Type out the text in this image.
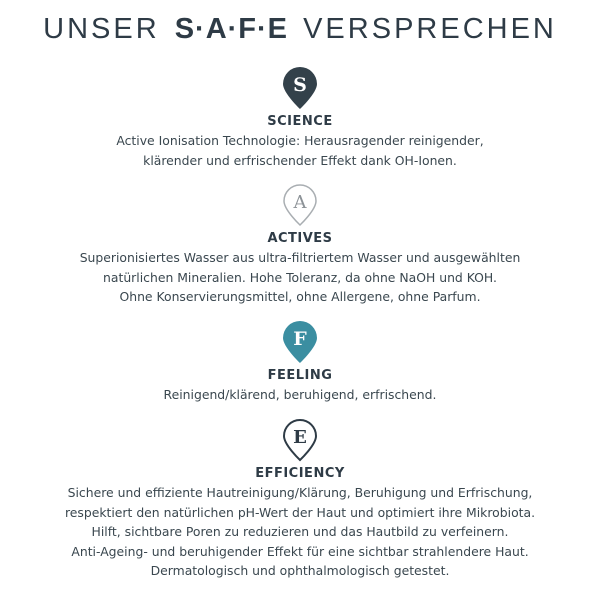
UNSER S·A·F·E VERSPRECHEN
S
SCIENCE
Active Ionisation Technologie: Herausragender reinigender,
klärender und erfrischender Effekt dank OH-Ionen.
A
ACTIVES
Superionisiertes Wasser aus ultra-filtriertem Wasser und ausgewählten
natürlichen Mineralien. Hohe Toleranz, da ohne NaOH und KOH.
Ohne Konservierungsmittel, ohne Allergene, ohne Parfum.
F
FEELING
Reinigend/klärend, beruhigend, erfrischend.
E
EFFICIENCY
Sichere und effiziente Hautreinigung/Klärung, Beruhigung und Erfrischung,
respektiert den natürlichen pH-Wert der Haut und optimiert ihre Mikrobiota.
Hilft, sichtbare Poren zu reduzieren und das Hautbild zu verfeinern.
Anti-Ageing- und beruhigender Effekt für eine sichtbar strahlendere Haut.
Dermatologisch und ophthalmologisch getestet.
